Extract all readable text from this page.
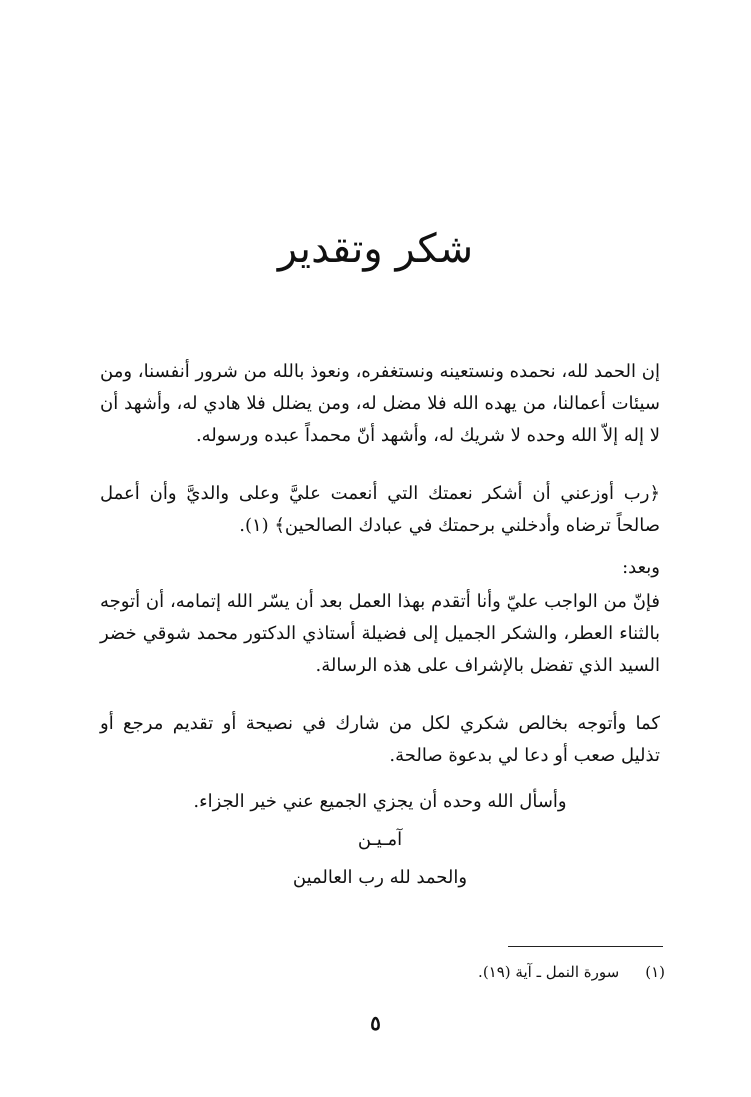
شكر وتقدير

إن الحمد لله، نحمده ونستعينه ونستغفره، ونعوذ بالله من شرور أنفسنا، ومن سيئات أعمالنا، من يهده الله فلا مضل له، ومن يضلل فلا هادي له، وأشهد أن لا إله إلاّ الله وحده لا شريك له، وأشهد أنّ محمداً عبده ورسوله.

﴿رب أوزعني أن أشكر نعمتك التي أنعمت عليَّ وعلى والديَّ وأن أعمل صالحاً ترضاه وأدخلني برحمتك في عبادك الصالحين﴾ (١).

وبعد:

فإنّ من الواجب عليّ وأنا أتقدم بهذا العمل بعد أن يسّر الله إتمامه، أن أتوجه بالثناء العطر، والشكر الجميل إلى فضيلة أستاذي الدكتور محمد شوقي خضر السيد الذي تفضل بالإشراف على هذه الرسالة.

كما وأتوجه بخالص شكري لكل من شارك في نصيحة أو تقديم مرجع أو تذليل صعب أو دعا لي بدعوة صالحة.

وأسأل الله وحده أن يجزي الجميع عني خير الجزاء.
آمـيـن
والحمد لله رب العالمين
(١)سورة النمل ـ آية (١٩).
٥
